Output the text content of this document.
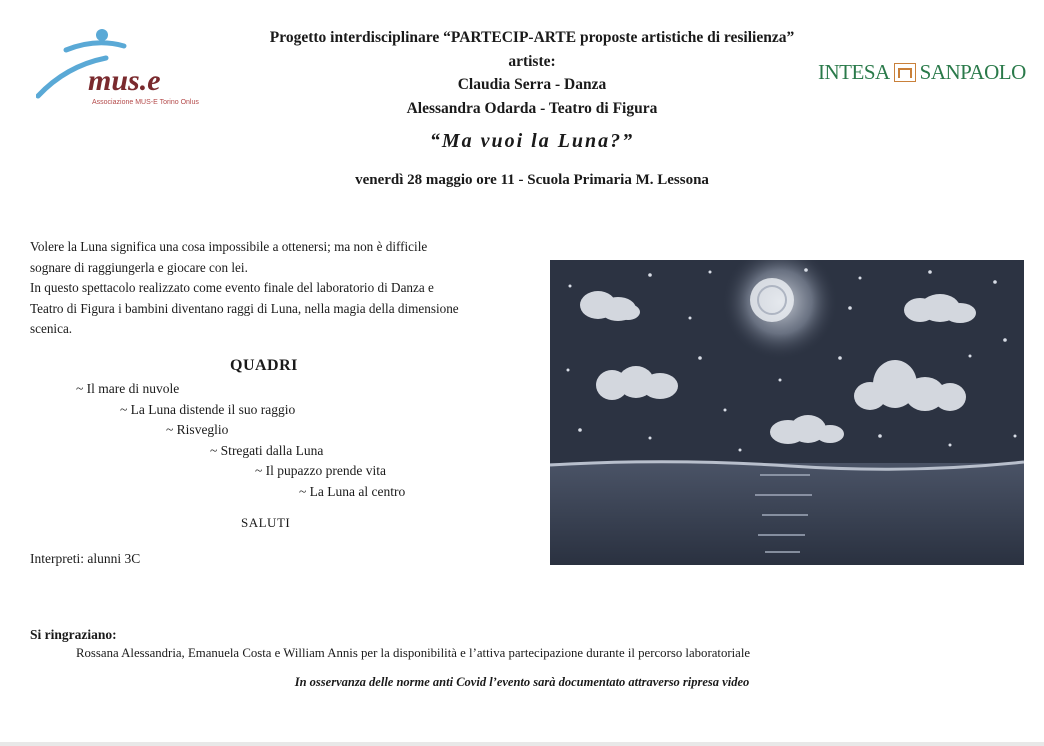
mus.e
Associazione MUS-E Torino Onlus
INTESA SANPAOLO
Progetto interdisciplinare “PARTECIP-ARTE proposte artistiche di resilienza”
artiste:
Claudia Serra - Danza
Alessandra Odarda - Teatro di Figura
“Ma vuoi la Luna?”
venerdì 28 maggio ore 11 - Scuola Primaria M. Lessona

Volere la Luna significa una cosa impossibile a ottenersi; ma non è difficile

sognare di raggiungerla e giocare con lei.

In questo spettacolo realizzato come evento finale del laboratorio di Danza e

Teatro di Figura i bambini diventano raggi di Luna, nella magia della dimensione

scenica.

QUADRI
~ Il mare di nuvole
~ La Luna distende il suo raggio
~ Risveglio
~ Stregati dalla Luna
~ Il pupazzo prende vita
~ La Luna al centro
SALUTI
Interpreti: alunni 3C
Si ringraziano:
Rossana Alessandria, Emanuela Costa e William Annis per la disponibilità e l’attiva partecipazione durante il percorso laboratoriale
In osservanza delle norme anti Covid l’evento sarà documentato attraverso ripresa video
